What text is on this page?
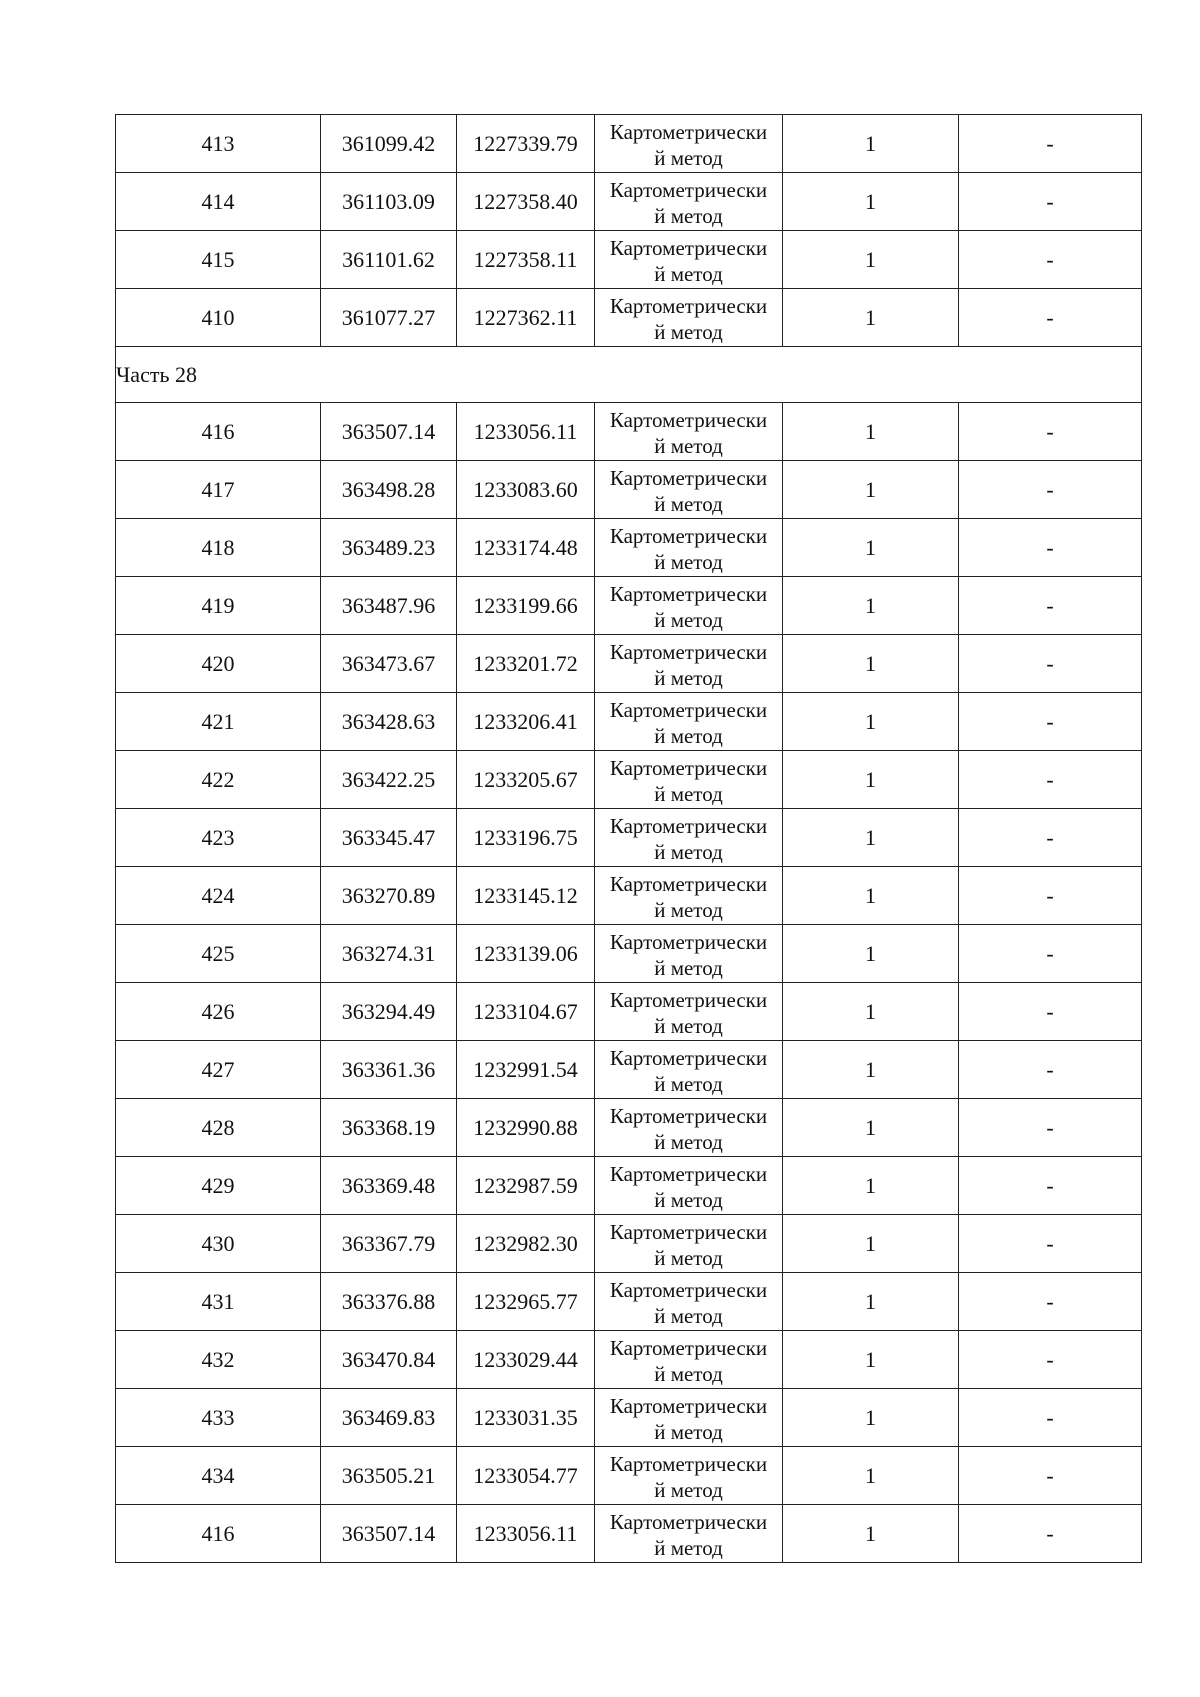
413	361099.42	1227339.79	Картометрически
й метод	1	-
414	361103.09	1227358.40	Картометрически
й метод	1	-
415	361101.62	1227358.11	Картометрически
й метод	1	-
410	361077.27	1227362.11	Картометрически
й метод	1	-
Часть 28					
416	363507.14	1233056.11	Картометрически
й метод	1	-
417	363498.28	1233083.60	Картометрически
й метод	1	-
418	363489.23	1233174.48	Картометрически
й метод	1	-
419	363487.96	1233199.66	Картометрически
й метод	1	-
420	363473.67	1233201.72	Картометрически
й метод	1	-
421	363428.63	1233206.41	Картометрически
й метод	1	-
422	363422.25	1233205.67	Картометрически
й метод	1	-
423	363345.47	1233196.75	Картометрически
й метод	1	-
424	363270.89	1233145.12	Картометрически
й метод	1	-
425	363274.31	1233139.06	Картометрически
й метод	1	-
426	363294.49	1233104.67	Картометрически
й метод	1	-
427	363361.36	1232991.54	Картометрически
й метод	1	-
428	363368.19	1232990.88	Картометрически
й метод	1	-
429	363369.48	1232987.59	Картометрически
й метод	1	-
430	363367.79	1232982.30	Картометрически
й метод	1	-
431	363376.88	1232965.77	Картометрически
й метод	1	-
432	363470.84	1233029.44	Картометрически
й метод	1	-
433	363469.83	1233031.35	Картометрически
й метод	1	-
434	363505.21	1233054.77	Картометрически
й метод	1	-
416	363507.14	1233056.11	Картометрически
й метод	1	-
